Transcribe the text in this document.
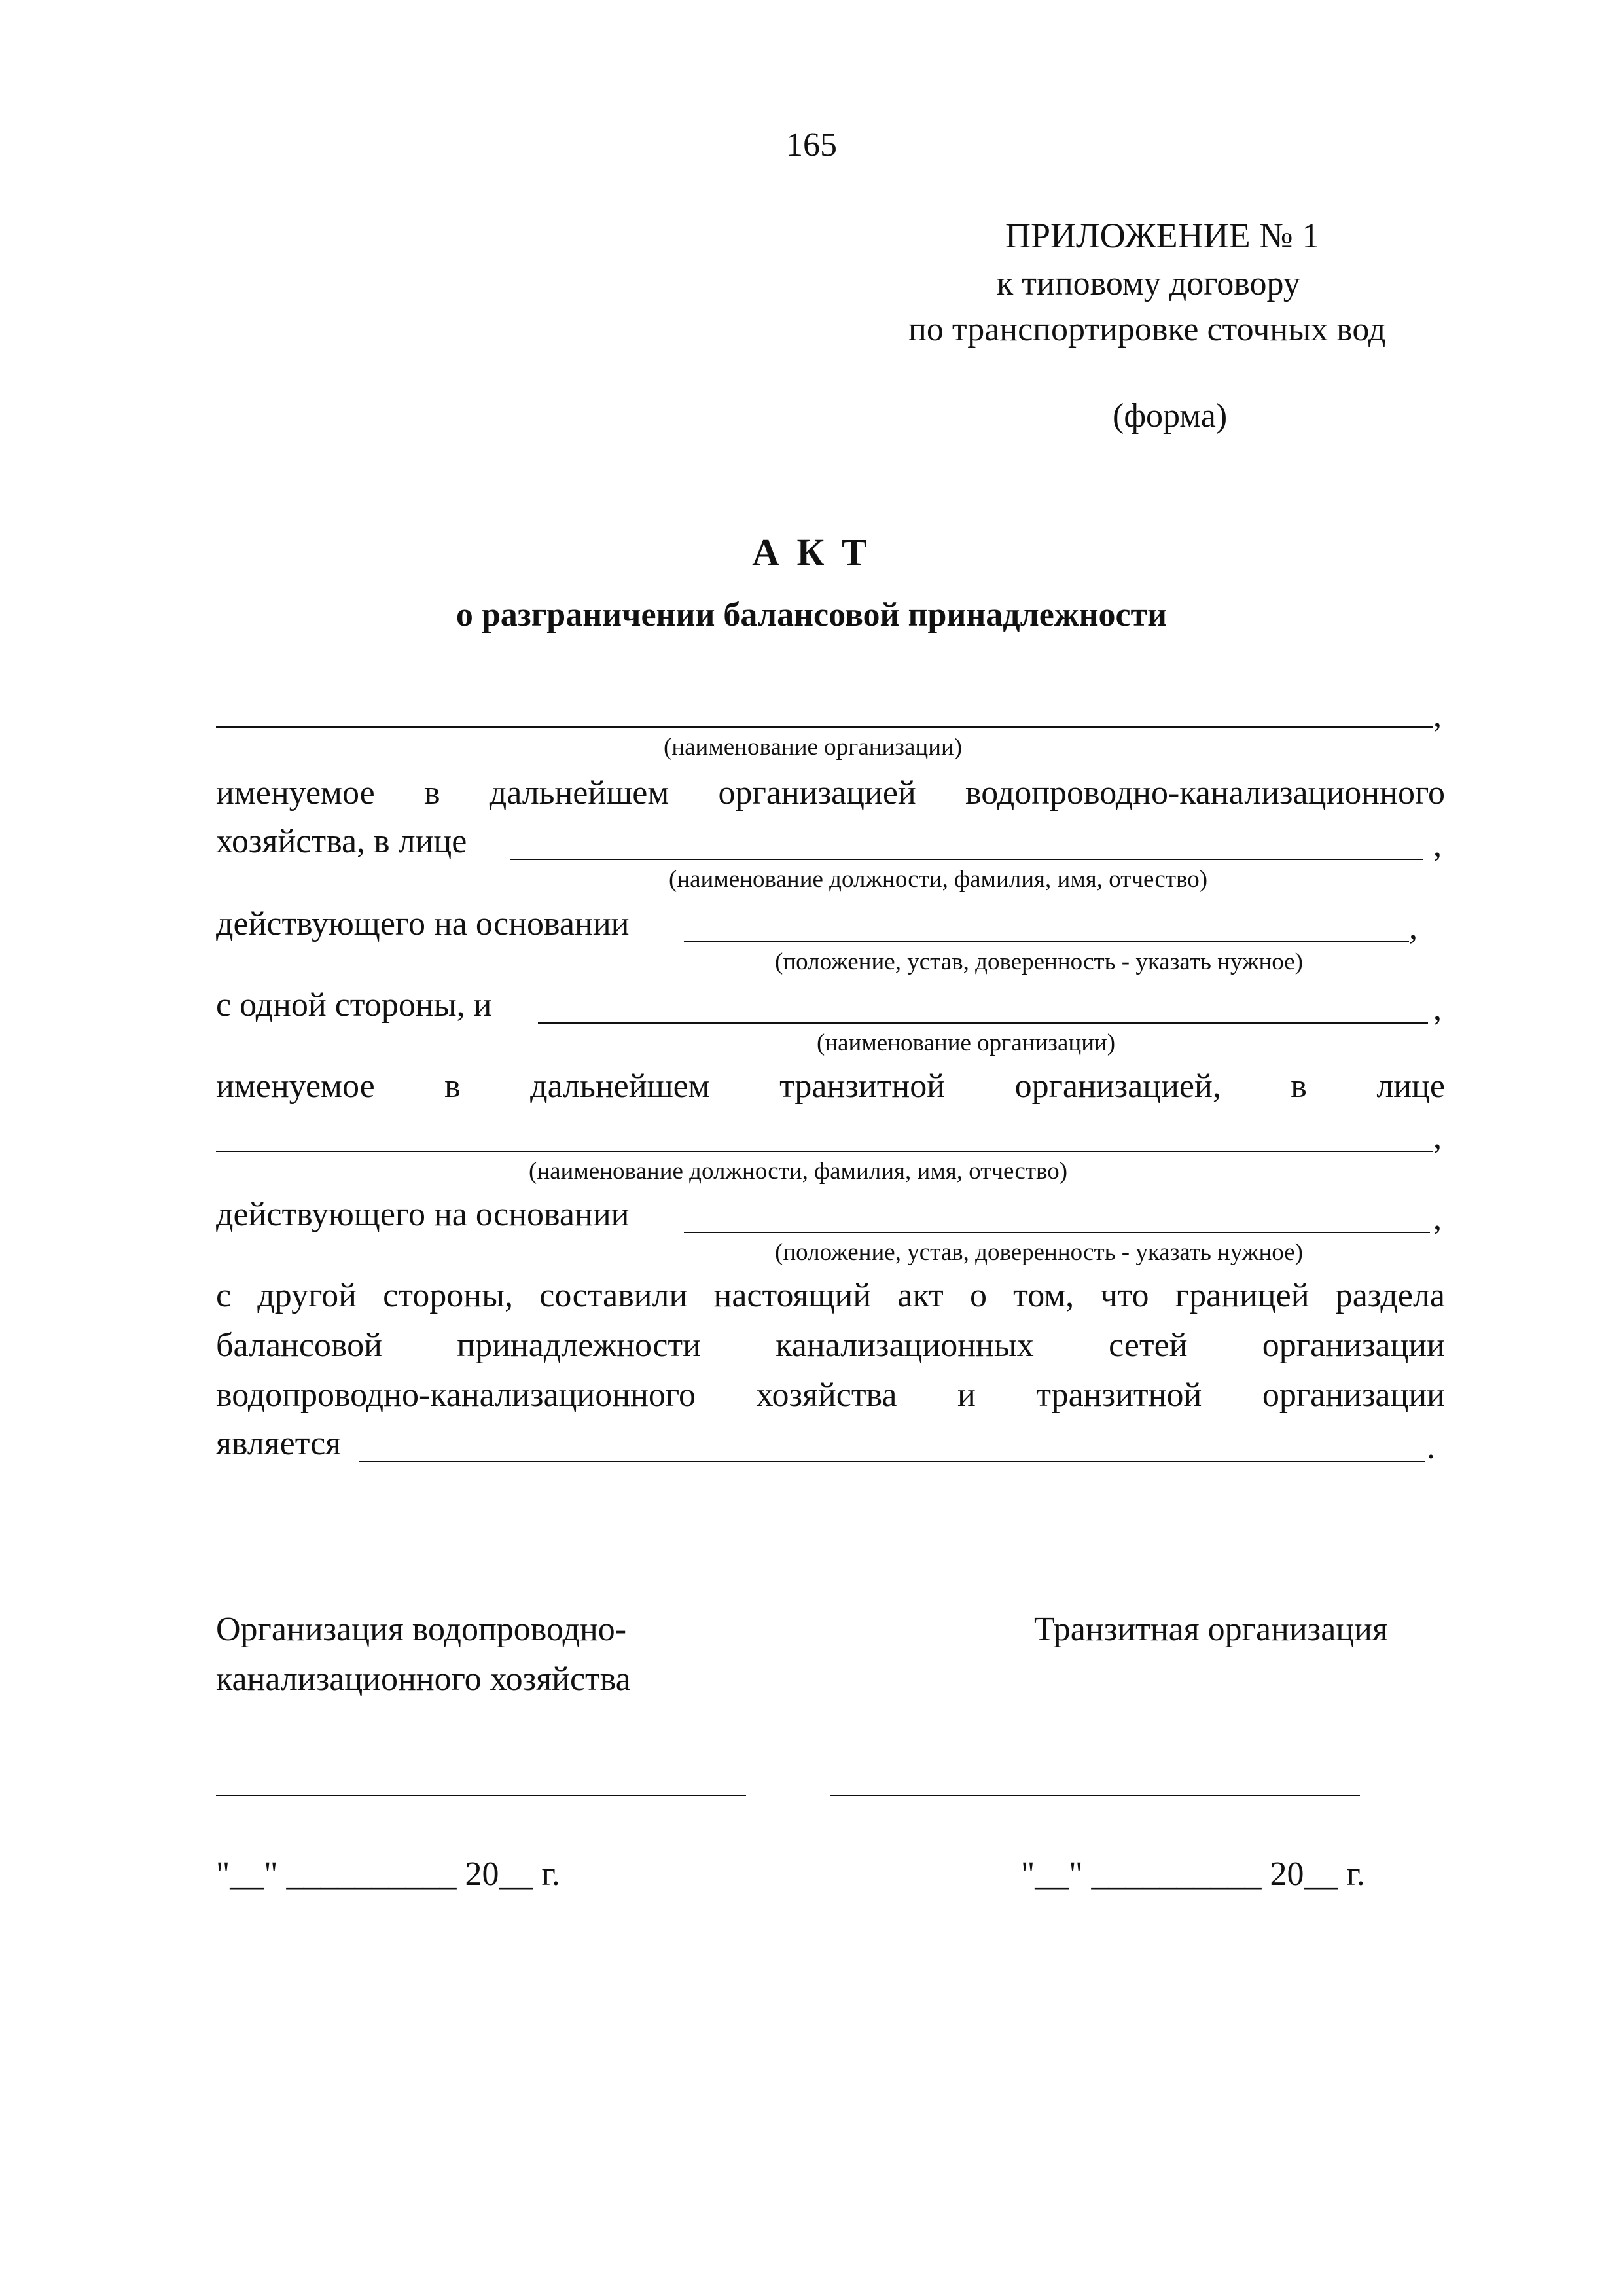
165
ПРИЛОЖЕНИЕ № 1
к типовому договору
по транспортировке сточных вод
(форма)
А К Т
о разграничении балансовой принадлежности
,
(наименование организации)
именуемое в дальнейшем организацией водопроводно-канализационного
хозяйства, в лице	,
(наименование должности, фамилия, имя, отчество)
действующего на основании	,
(положение, устав, доверенность - указать нужное)
с одной стороны, и	,
(наименование организации)
именуемое в дальнейшем транзитной организацией, в лице
,
(наименование должности, фамилия, имя, отчество)
действующего на основании	,
(положение, устав, доверенность - указать нужное)
с другой стороны, составили настоящий акт о том, что границей раздела
балансовой принадлежности канализационных сетей организации
водопроводно-канализационного хозяйства и транзитной организации
является	.
Организация водопроводно-
канализационного хозяйства
Транзитная организация
"__" __________ 20__ г.	"__" __________ 20__ г.
